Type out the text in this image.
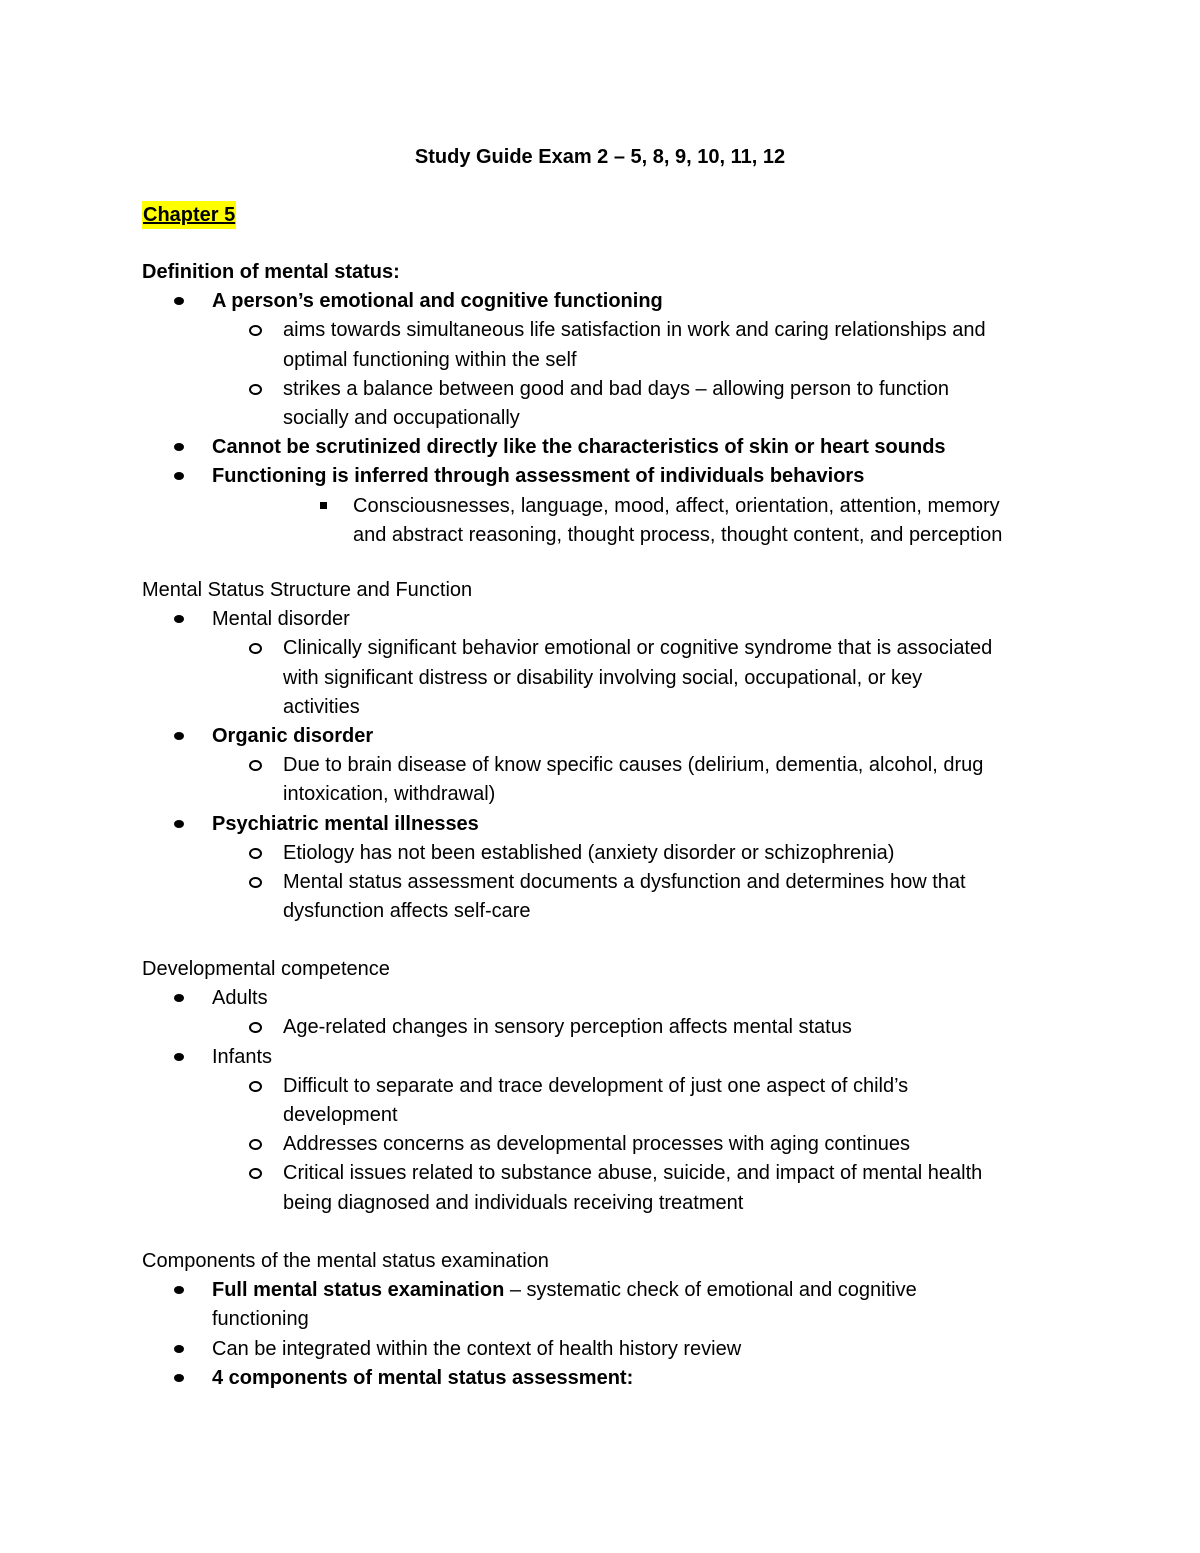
Study Guide Exam 2 – 5, 8, 9, 10, 11, 12
Chapter 5
Definition of mental status:
A person’s emotional and cognitive functioning
aims towards simultaneous life satisfaction in work and caring relationships and
optimal functioning within the self
strikes a balance between good and bad days – allowing person to function
socially and occupationally
Cannot be scrutinized directly like the characteristics of skin or heart sounds
Functioning is inferred through assessment of individuals behaviors
Consciousnesses, language, mood, affect, orientation, attention, memory
and abstract reasoning, thought process, thought content, and perception
Mental Status Structure and Function
Mental disorder
Clinically significant behavior emotional or cognitive syndrome that is associated
with significant distress or disability involving social, occupational, or key
activities
Organic disorder
Due to brain disease of know specific causes (delirium, dementia, alcohol, drug
intoxication, withdrawal)
Psychiatric mental illnesses
Etiology has not been established (anxiety disorder or schizophrenia)
Mental status assessment documents a dysfunction and determines how that
dysfunction affects self-care
Developmental competence
Adults
Age-related changes in sensory perception affects mental status
Infants
Difficult to separate and trace development of just one aspect of child’s
development
Addresses concerns as developmental processes with aging continues
Critical issues related to substance abuse, suicide, and impact of mental health
being diagnosed and individuals receiving treatment
Components of the mental status examination
Full mental status examination – systematic check of emotional and cognitive
functioning
Can be integrated within the context of health history review
4 components of mental status assessment:
